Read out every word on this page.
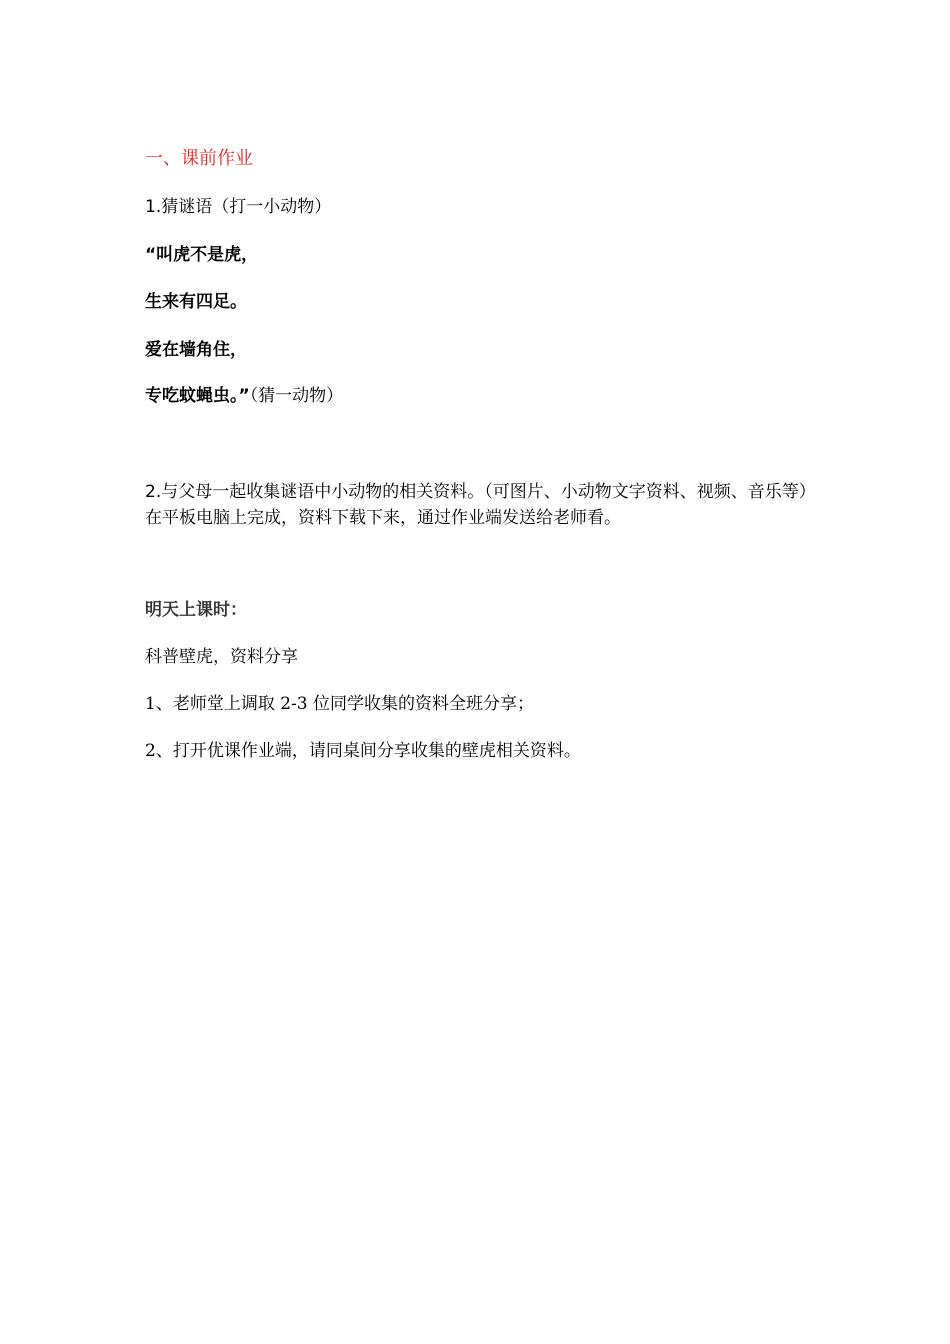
一、课前作业
1.猜谜语（打一小动物）
“叫虎不是虎，
生来有四足。
爱在墙角住，
专吃蚊蝇虫。”（猜一动物）
2.与父母一起收集谜语中小动物的相关资料。（可图片、小动物文字资料、视频、音乐等）在平板电脑上完成，资料下载下来，通过作业端发送给老师看。
明天上课时：
科普壁虎，资料分享
1、老师堂上调取 2-3 位同学收集的资料全班分享；
2、打开优课作业端，请同桌间分享收集的壁虎相关资料。
